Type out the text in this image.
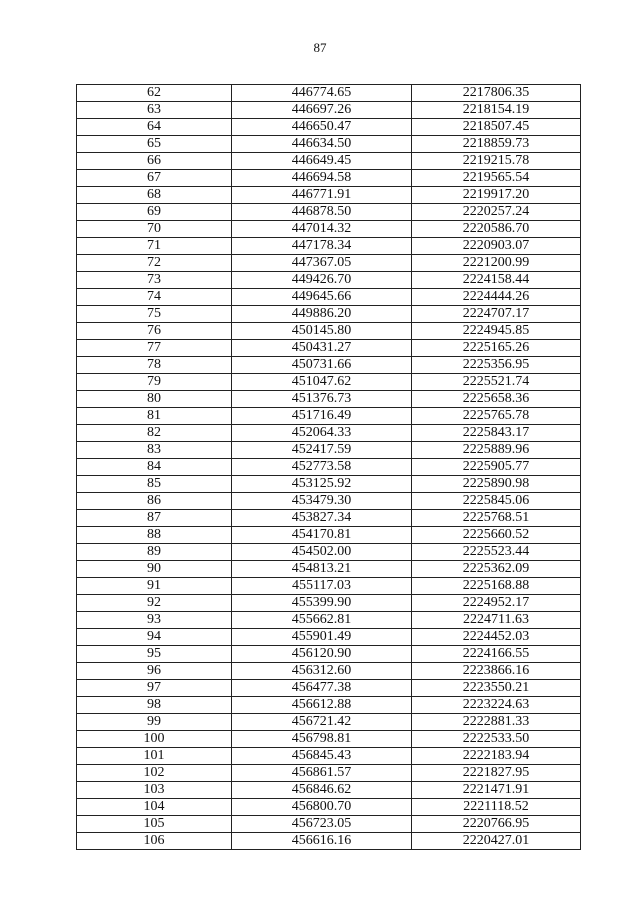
87
62	446774.65	2217806.35
63	446697.26	2218154.19
64	446650.47	2218507.45
65	446634.50	2218859.73
66	446649.45	2219215.78
67	446694.58	2219565.54
68	446771.91	2219917.20
69	446878.50	2220257.24
70	447014.32	2220586.70
71	447178.34	2220903.07
72	447367.05	2221200.99
73	449426.70	2224158.44
74	449645.66	2224444.26
75	449886.20	2224707.17
76	450145.80	2224945.85
77	450431.27	2225165.26
78	450731.66	2225356.95
79	451047.62	2225521.74
80	451376.73	2225658.36
81	451716.49	2225765.78
82	452064.33	2225843.17
83	452417.59	2225889.96
84	452773.58	2225905.77
85	453125.92	2225890.98
86	453479.30	2225845.06
87	453827.34	2225768.51
88	454170.81	2225660.52
89	454502.00	2225523.44
90	454813.21	2225362.09
91	455117.03	2225168.88
92	455399.90	2224952.17
93	455662.81	2224711.63
94	455901.49	2224452.03
95	456120.90	2224166.55
96	456312.60	2223866.16
97	456477.38	2223550.21
98	456612.88	2223224.63
99	456721.42	2222881.33
100	456798.81	2222533.50
101	456845.43	2222183.94
102	456861.57	2221827.95
103	456846.62	2221471.91
104	456800.70	2221118.52
105	456723.05	2220766.95
106	456616.16	2220427.01
